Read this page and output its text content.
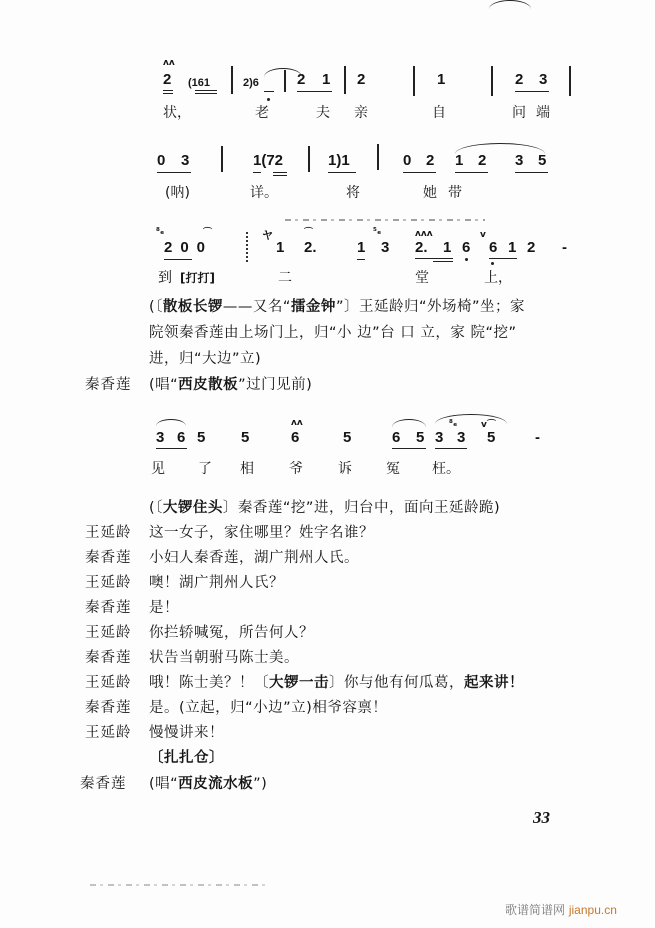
ʌʌ
2 (161	2)6	2 1 2	1	2 3
状，	老	夫 亲	自	问 端
0 3	1(72	1)1	0 2 1 2 3 5
(呐)	详。	将	她 带
⁸ₑ
200
⌒	ヤ
1
⌒
2.	1
⁵ₑ
3
ʌʌʌ
2. 1 6
v
6 1 2 -
到 [打打]	二	堂	上，
(〔散板长锣——又名“擂金钟”〕王延龄归“外场椅”坐；家
院领秦香莲由上场门上，归“小 边”台 口 立，家 院“挖”
进，归“大边”立)
秦香莲 (唱“西皮散板”过门见前)
3 6 5 5
ʌʌ
6	5	6 5 3
⁸ₑ
3
v⌒
5	-
见 了 相	爷	诉 冤 枉。
(〔大锣住头〕秦香莲“挖”进，归台中，面向王延龄跪)
王延龄 这一女子，家住哪里？姓字名谁？
秦香莲 小妇人秦香莲，湖广荆州人氏。
王延龄 噢！湖广荆州人氏？
秦香莲 是！
王延龄 你拦轿喊冤，所告何人？
秦香莲 状告当朝驸马陈士美。
王延龄 哦！陈士美？！〔大锣一击〕你与他有何瓜葛，起来讲！
秦香莲 是。(立起，归“小边”立)相爷容禀！
王延龄 慢慢讲来！
〔扎扎仓〕
秦香莲 (唱“西皮流水板”)
33
歌谱简谱网 jianpu.cn
